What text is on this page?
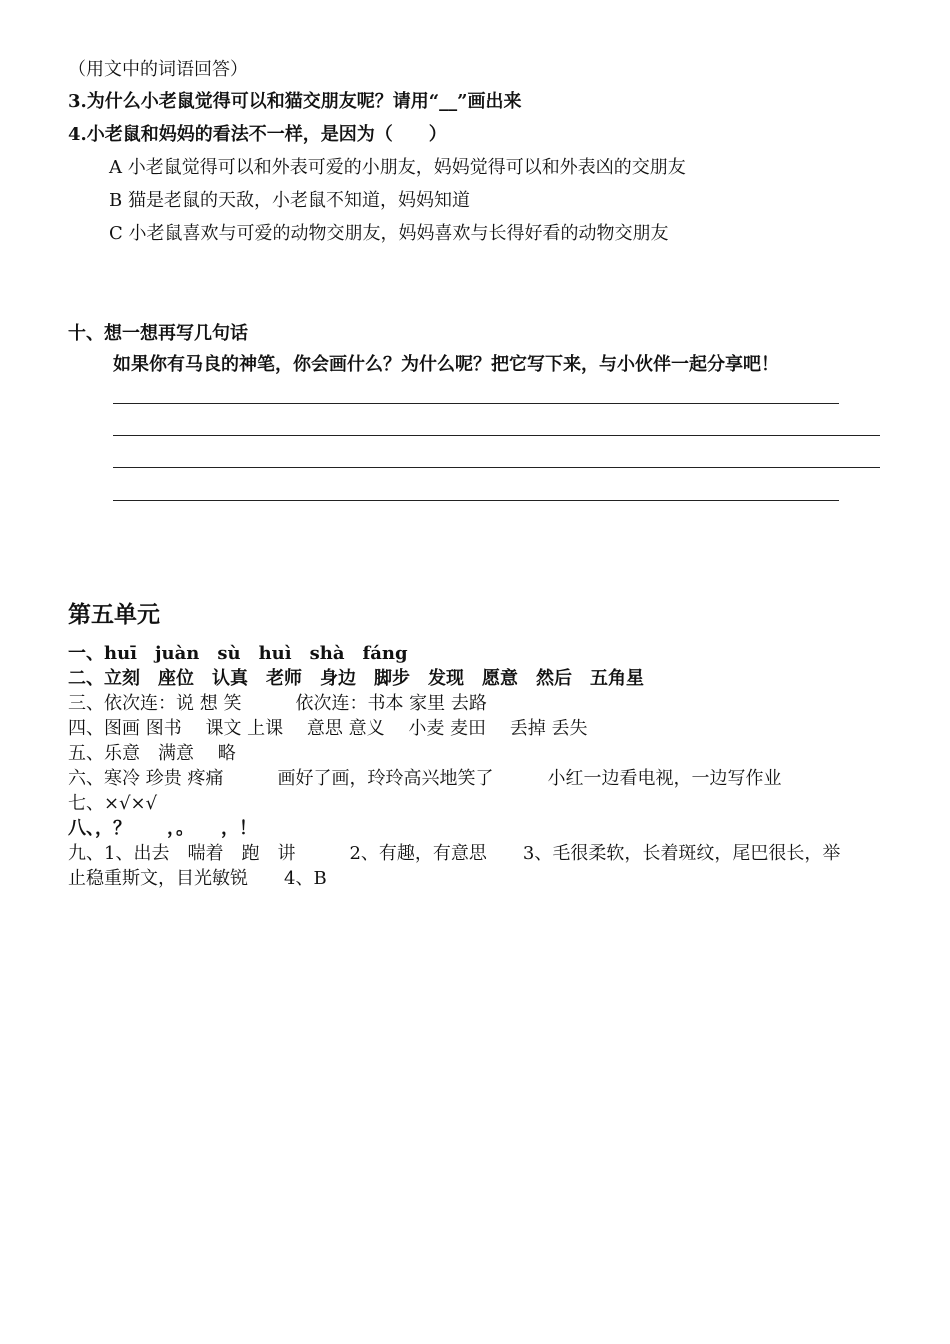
（用文中的词语回答）
3.为什么小老鼠觉得可以和猫交朋友呢？请用“__”画出来
4.小老鼠和妈妈的看法不一样，是因为（　　）
A 小老鼠觉得可以和外表可爱的小朋友，妈妈觉得可以和外表凶的交朋友
B 猫是老鼠的天敌，小老鼠不知道，妈妈知道
C 小老鼠喜欢与可爱的动物交朋友，妈妈喜欢与长得好看的动物交朋友
十、想一想再写几句话
如果你有马良的神笔，你会画什么？为什么呢？把它写下来，与小伙伴一起分享吧！
第五单元
一、huī　juàn　sù　huì　shà　fáng
二、立刻　座位　认真　老师　身边　脚步　发现　愿意　然后　五角星
三、依次连：说 想 笑　　　依次连：书本 家里 去路
四、图画 图书　 课文 上课　 意思 意义　 小麦 麦田　 丢掉 丢失
五、乐意　满意　 略
六、寒冷 珍贵 疼痛　　　画好了画，玲玲高兴地笑了　　　小红一边看电视，一边写作业
七、×√×√
八、，？　　，。　　，！
九、1、出去　喘着　跑　讲　　　2、有趣，有意思　　3、毛很柔软，长着斑纹，尾巴很长，举
止稳重斯文，目光敏锐　　4、B
